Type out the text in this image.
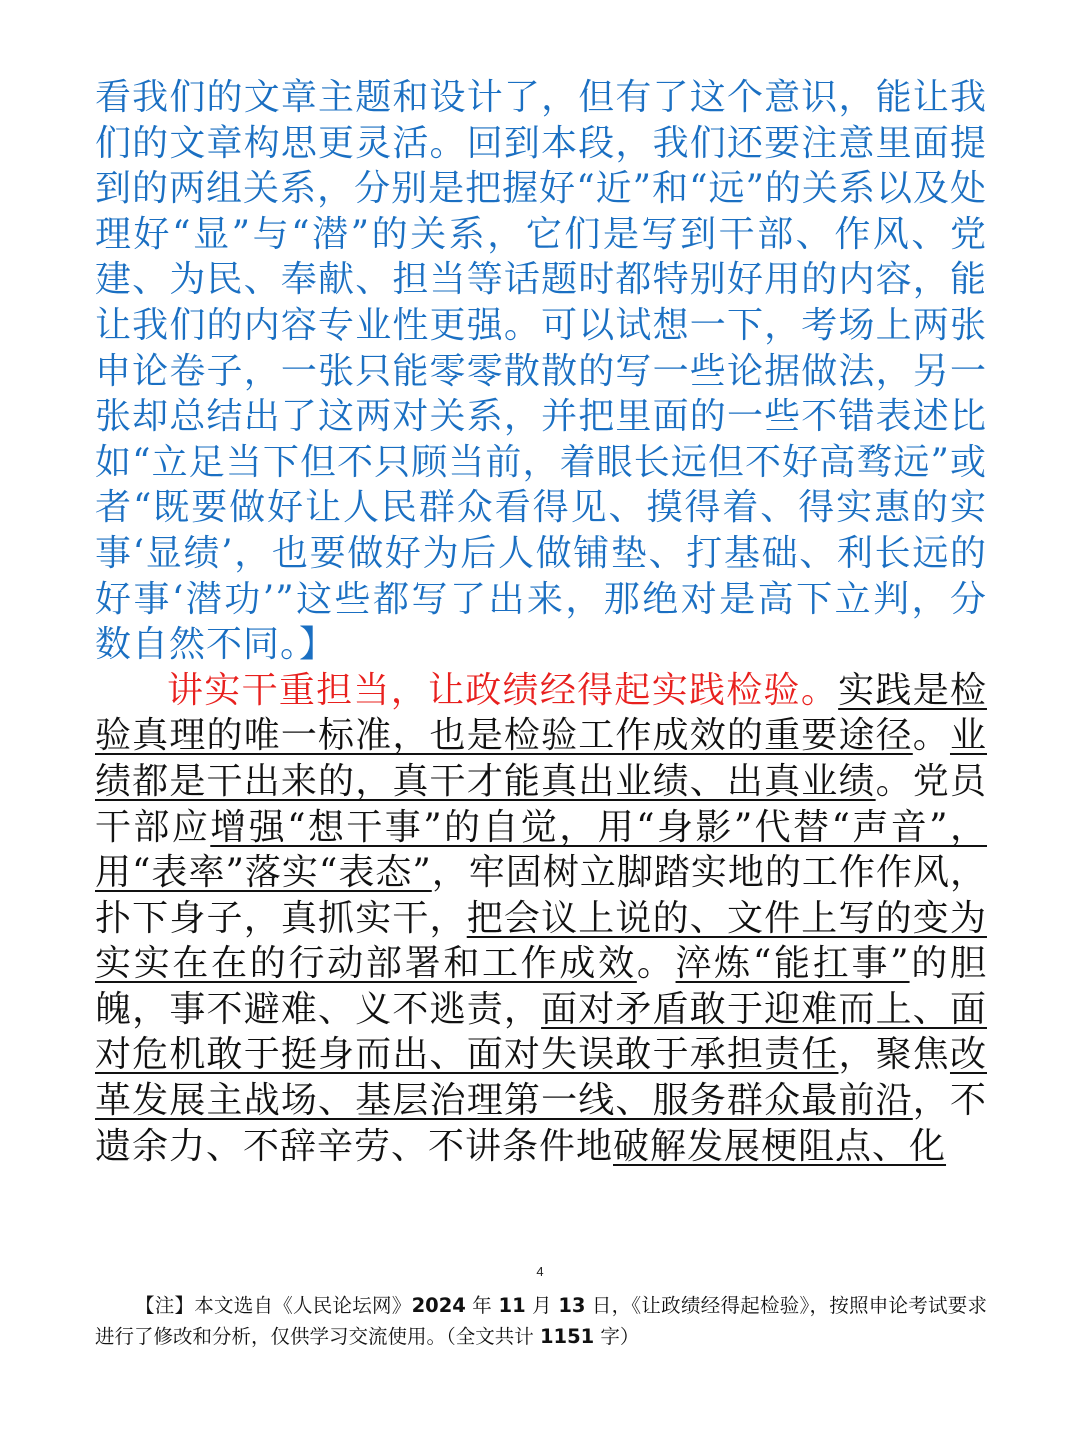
看我们的文章主题和设计了，但有了这个意识，能让我们的文章构思更灵活。回到本段，我们还要注意里面提到的两组关系，分别是把握好“近”和“远”的关系以及处理好“显”与“潜”的关系，它们是写到干部、作风、党建、为民、奉献、担当等话题时都特别好用的内容，能让我们的内容专业性更强。可以试想一下，考场上两张申论卷子，一张只能零零散散的写一些论据做法，另一张却总结出了这两对关系，并把里面的一些不错表述比如“立足当下但不只顾当前，着眼长远但不好高骛远”或者“既要做好让人民群众看得见、摸得着、得实惠的实事‘显绩’，也要做好为后人做铺垫、打基础、利长远的好事‘潜功’”这些都写了出来，那绝对是高下立判，分数自然不同。】

讲实干重担当，让政绩经得起实践检验。实践是检验真理的唯一标准，也是检验工作成效的重要途径。业绩都是干出来的，真干才能真出业绩、出真业绩。党员干部应增强“想干事”的自觉，用“身影”代替“声音”，用“表率”落实“表态”，牢固树立脚踏实地的工作作风，扑下身子，真抓实干，把会议上说的、文件上写的变为实实在在的行动部署和工作成效。淬炼“能扛事”的胆魄，事不避难、义不逃责，面对矛盾敢于迎难而上、面对危机敢于挺身而出、面对失误敢于承担责任，聚焦改革发展主战场、基层治理第一线、服务群众最前沿，不遗余力、不辞辛劳、不讲条件地破解发展梗阻点、化

4

【注】本文选自《人民论坛网》2024 年 11 月 13 日，《让政绩经得起检验》，按照申论考试要求进行了修改和分析，仅供学习交流使用。（全文共计 1151 字）
